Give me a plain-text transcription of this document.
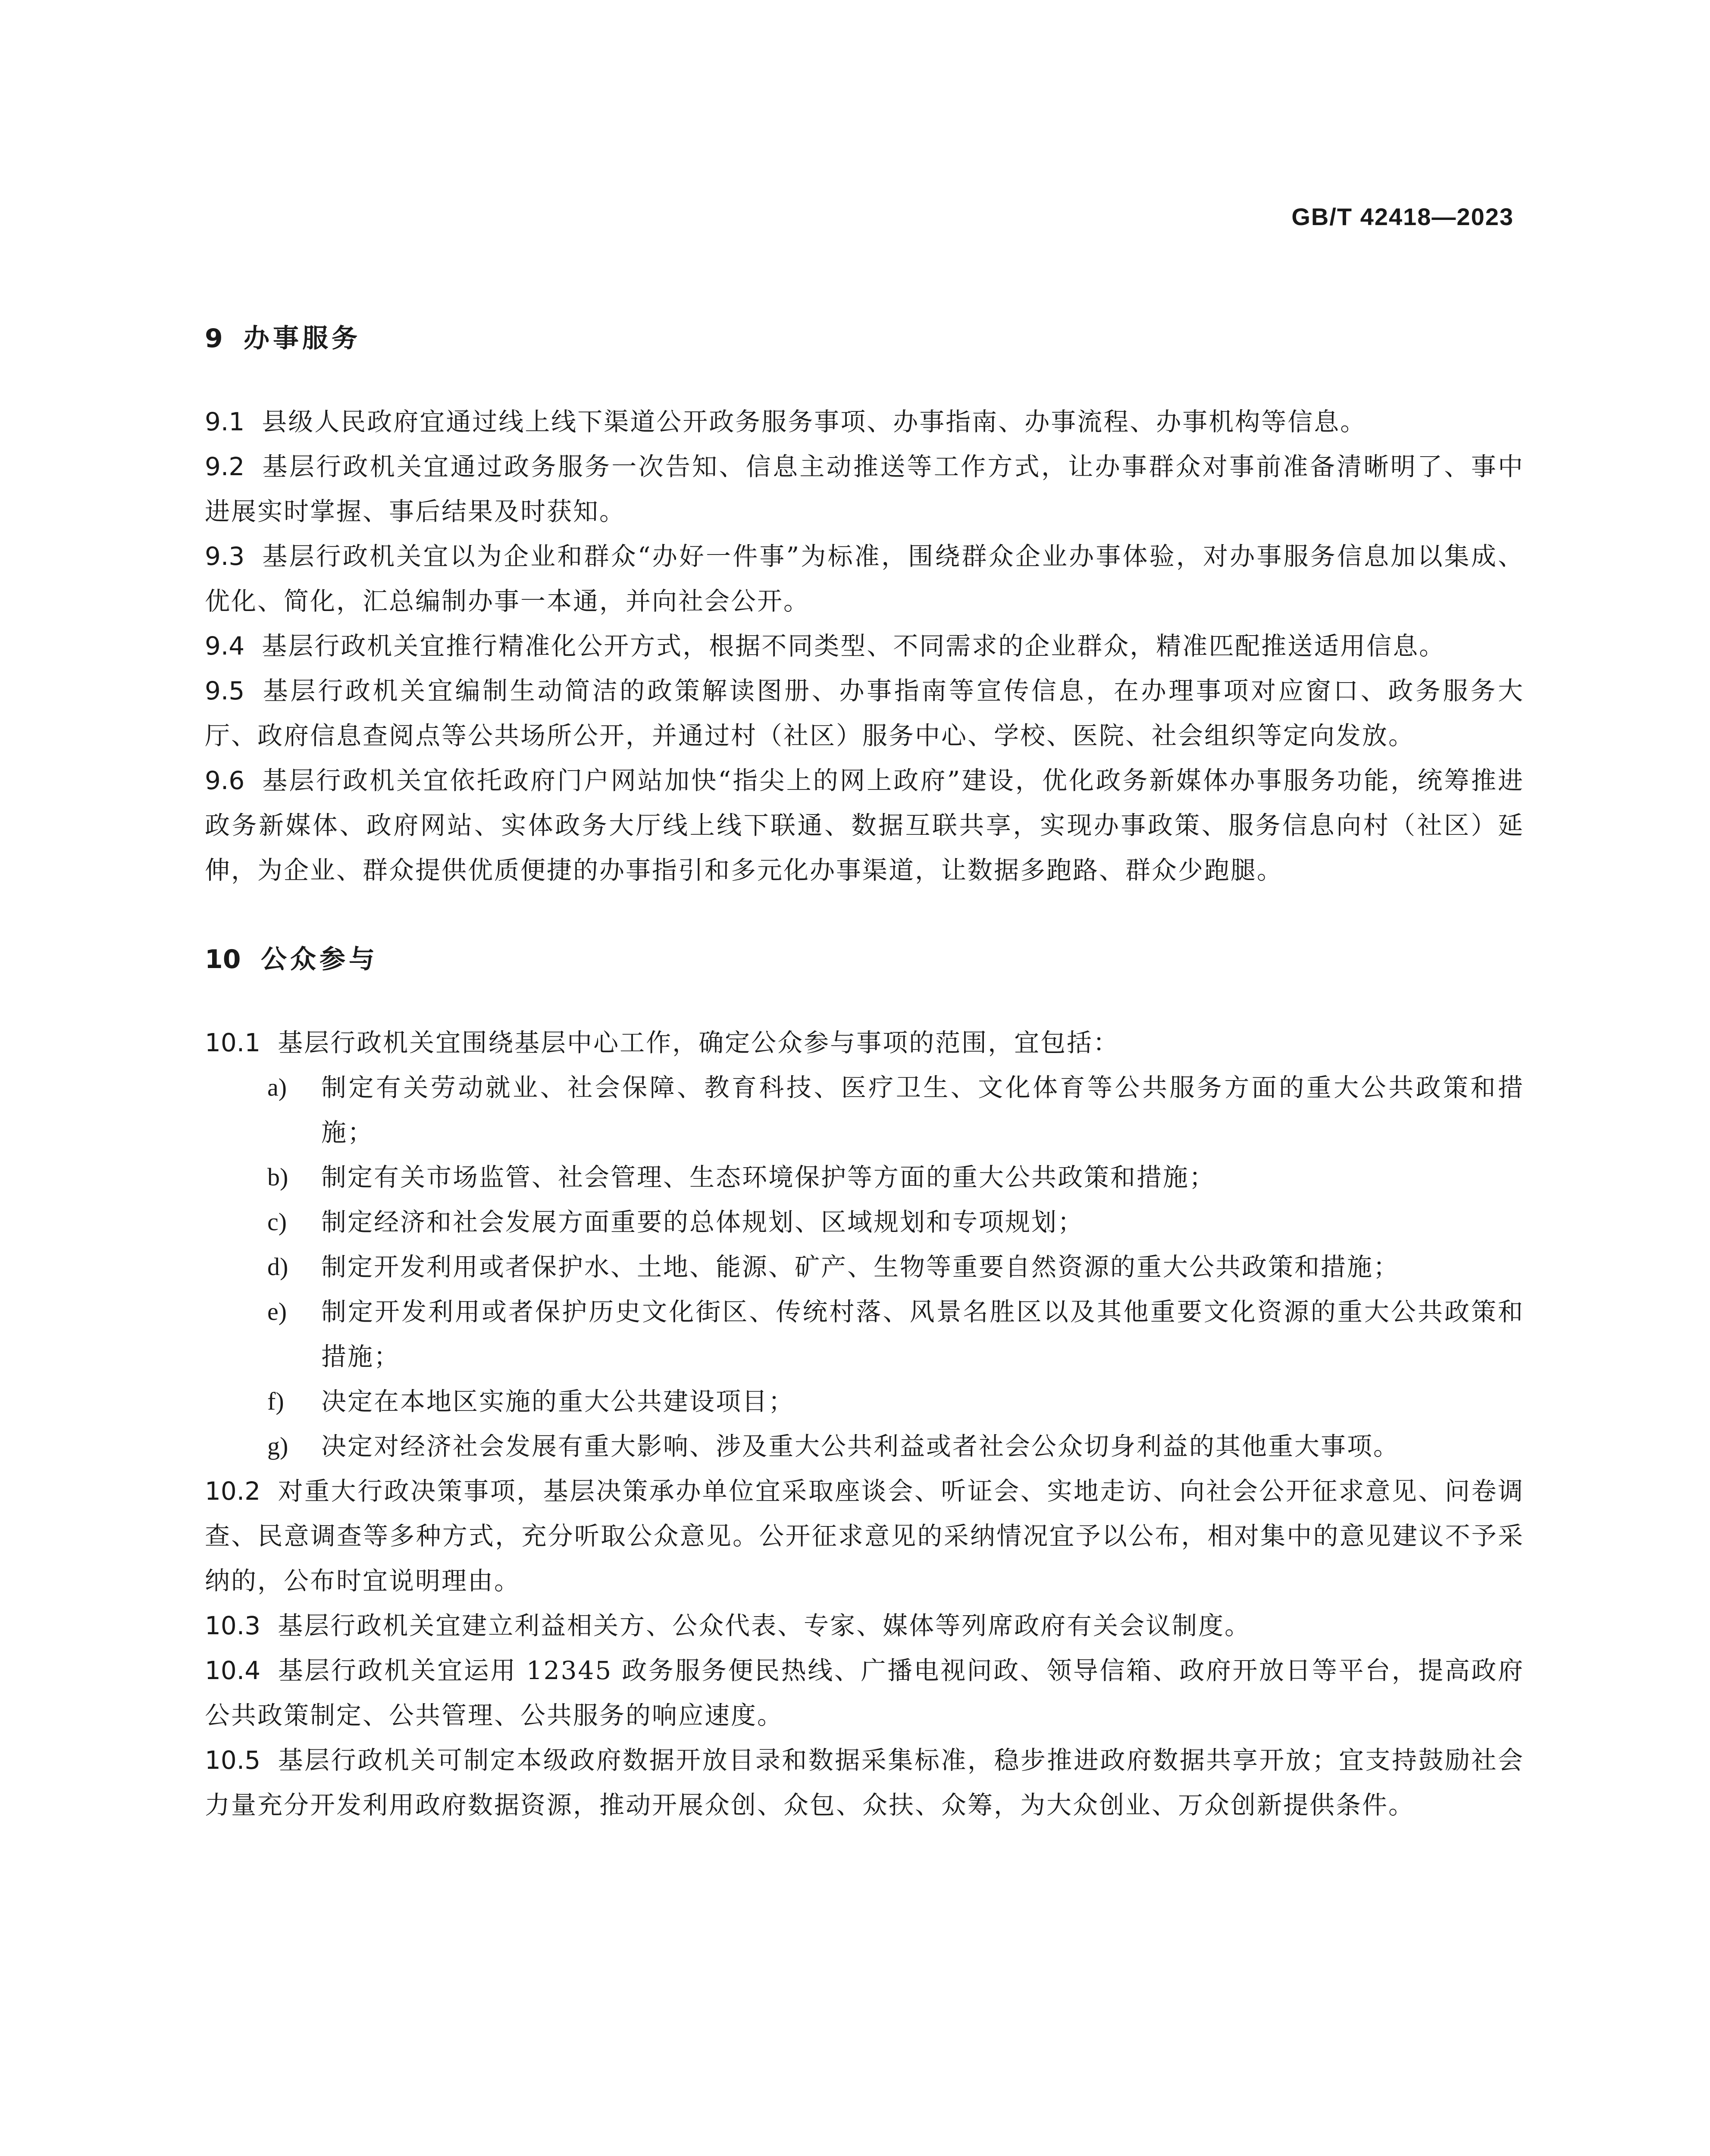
GB/T 42418—2023
9 办事服务

9.1 县级人民政府宜通过线上线下渠道公开政务服务事项、办事指南、办事流程、办事机构等信息。

9.2 基层行政机关宜通过政务服务一次告知、信息主动推送等工作方式，让办事群众对事前准备清晰明了、事中进展实时掌握、事后结果及时获知。

9.3 基层行政机关宜以为企业和群众“办好一件事”为标准，围绕群众企业办事体验，对办事服务信息加以集成、优化、简化，汇总编制办事一本通，并向社会公开。

9.4 基层行政机关宜推行精准化公开方式，根据不同类型、不同需求的企业群众，精准匹配推送适用信息。

9.5 基层行政机关宜编制生动简洁的政策解读图册、办事指南等宣传信息，在办理事项对应窗口、政务服务大厅、政府信息查阅点等公共场所公开，并通过村（社区）服务中心、学校、医院、社会组织等定向发放。

9.6 基层行政机关宜依托政府门户网站加快“指尖上的网上政府”建设，优化政务新媒体办事服务功能，统筹推进政务新媒体、政府网站、实体政务大厅线上线下联通、数据互联共享，实现办事政策、服务信息向村（社区）延伸，为企业、群众提供优质便捷的办事指引和多元化办事渠道，让数据多跑路、群众少跑腿。

10 公众参与

10.1 基层行政机关宜围绕基层中心工作，确定公众参与事项的范围，宜包括：

a) 制定有关劳动就业、社会保障、教育科技、医疗卫生、文化体育等公共服务方面的重大公共政策和措施；
b) 制定有关市场监管、社会管理、生态环境保护等方面的重大公共政策和措施；
c) 制定经济和社会发展方面重要的总体规划、区域规划和专项规划；
d) 制定开发利用或者保护水、土地、能源、矿产、生物等重要自然资源的重大公共政策和措施；
e) 制定开发利用或者保护历史文化街区、传统村落、风景名胜区以及其他重要文化资源的重大公共政策和措施；
f) 决定在本地区实施的重大公共建设项目；
g) 决定对经济社会发展有重大影响、涉及重大公共利益或者社会公众切身利益的其他重大事项。

10.2 对重大行政决策事项，基层决策承办单位宜采取座谈会、听证会、实地走访、向社会公开征求意见、问卷调查、民意调查等多种方式，充分听取公众意见。公开征求意见的采纳情况宜予以公布，相对集中的意见建议不予采纳的，公布时宜说明理由。

10.3 基层行政机关宜建立利益相关方、公众代表、专家、媒体等列席政府有关会议制度。

10.4 基层行政机关宜运用 12345 政务服务便民热线、广播电视问政、领导信箱、政府开放日等平台，提高政府公共政策制定、公共管理、公共服务的响应速度。

10.5 基层行政机关可制定本级政府数据开放目录和数据采集标准，稳步推进政府数据共享开放；宜支持鼓励社会力量充分开发利用政府数据资源，推动开展众创、众包、众扶、众筹，为大众创业、万众创新提供条件。
